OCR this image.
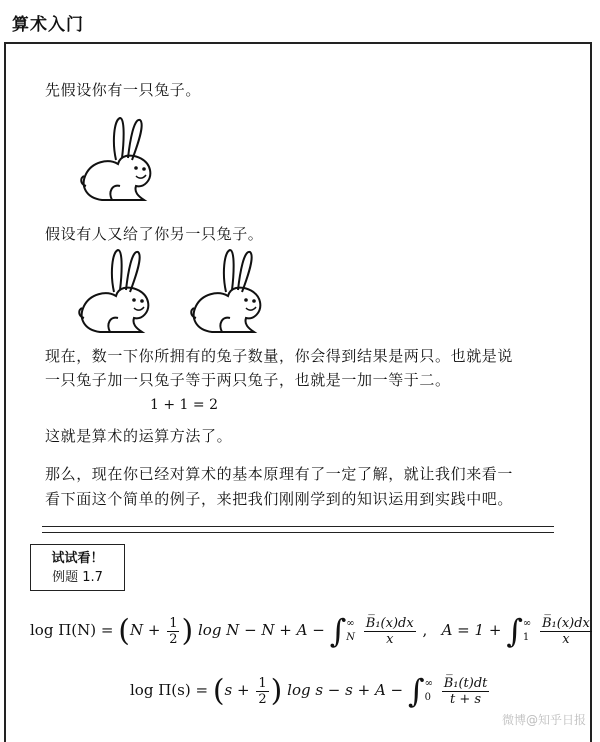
算术入门
先假设你有一只兔子。
假设有人又给了你另一只兔子。
现在，数一下你所拥有的兔子数量，你会得到结果是两只。也就是说
一只兔子加一只兔子等于两只兔子，也就是一加一等于二。
1 + 1 = 2
这就是算术的运算方法了。
那么，现在你已经对算术的基本原理有了一定了解，就让我们来看一
看下面这个简单的例子，来把我们刚刚学到的知识运用到实践中吧。
试试看！
例题 1.7
$\log \Pi(N) = (N + \frac{1}{2}$ ) log N − N + A − ∫ ∞
N
$\frac{\text{B̅₁(x)dx}}{x}$ , A = 1 + ∫ ∞
1
$\frac{\text{B̅₁(x)dx}}{x}$
$\log \Pi(s) = (s + \frac{1}{2}$ ) log s − s + A − ∫ ∞
0
$\frac{\text{B̅₁(t)dt}}{t + s}$
微博@知乎日报
